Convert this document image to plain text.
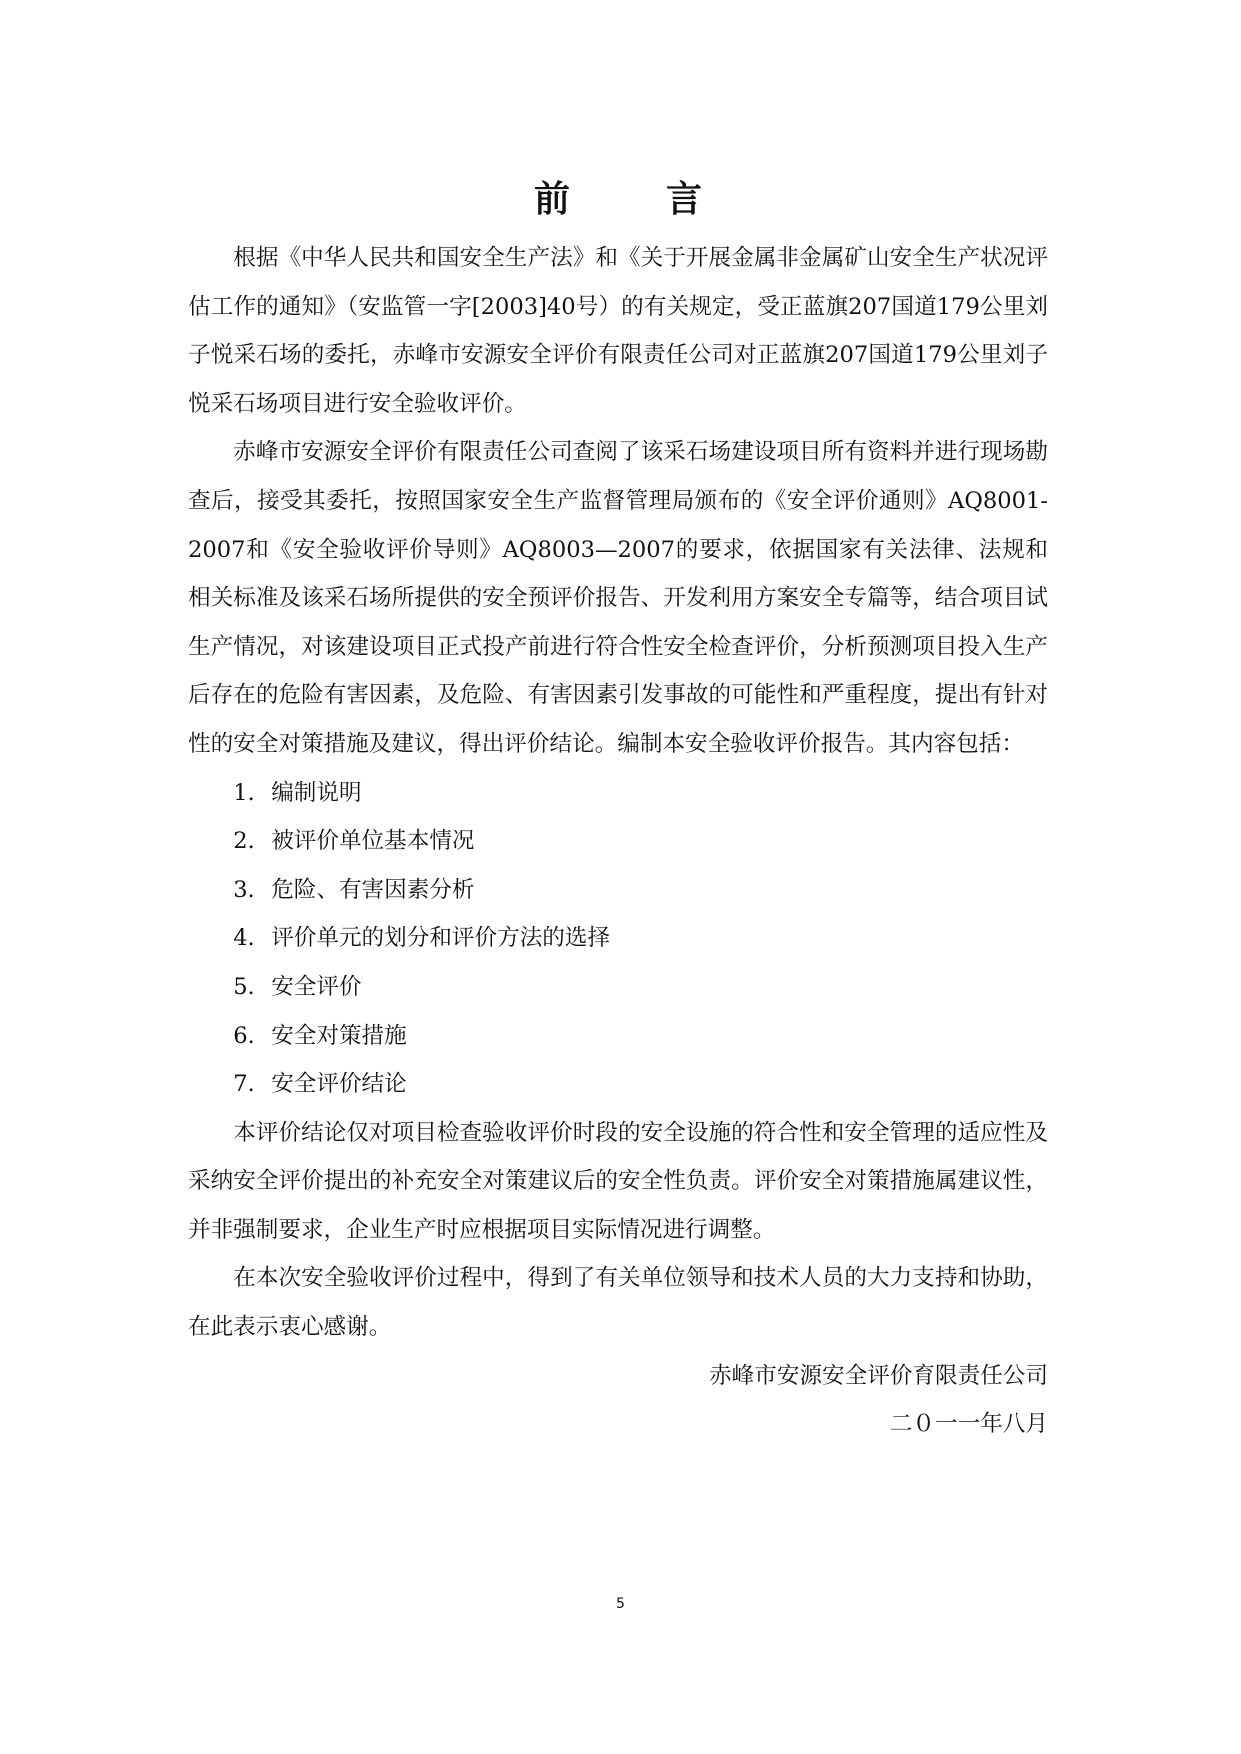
前　言

根据《中华人民共和国安全生产法》和《关于开展金属非金属矿山安全生产状况评估工作的通知》（安监管一字[2003]40号）的有关规定，受正蓝旗207国道179公里刘子悦采石场的委托，赤峰市安源安全评价有限责任公司对正蓝旗207国道179公里刘子悦采石场项目进行安全验收评价。

赤峰市安源安全评价有限责任公司查阅了该采石场建设项目所有资料并进行现场勘查后，接受其委托，按照国家安全生产监督管理局颁布的《安全评价通则》AQ8001-2007和《安全验收评价导则》AQ8003—2007的要求，依据国家有关法律、法规和相关标准及该采石场所提供的安全预评价报告、开发利用方案安全专篇等，结合项目试生产情况，对该建设项目正式投产前进行符合性安全检查评价，分析预测项目投入生产后存在的危险有害因素，及危险、有害因素引发事故的可能性和严重程度，提出有针对性的安全对策措施及建议，得出评价结论。编制本安全验收评价报告。其内容包括：

1. 编制说明
2. 被评价单位基本情况
3. 危险、有害因素分析
4. 评价单元的划分和评价方法的选择
5. 安全评价
6. 安全对策措施
7. 安全评价结论

本评价结论仅对项目检查验收评价时段的安全设施的符合性和安全管理的适应性及采纳安全评价提出的补充安全对策建议后的安全性负责。评价安全对策措施属建议性，并非强制要求，企业生产时应根据项目实际情况进行调整。

在本次安全验收评价过程中，得到了有关单位领导和技术人员的大力支持和协助，在此表示衷心感谢。

赤峰市安源安全评价育限责任公司

二０一一年八月

5
